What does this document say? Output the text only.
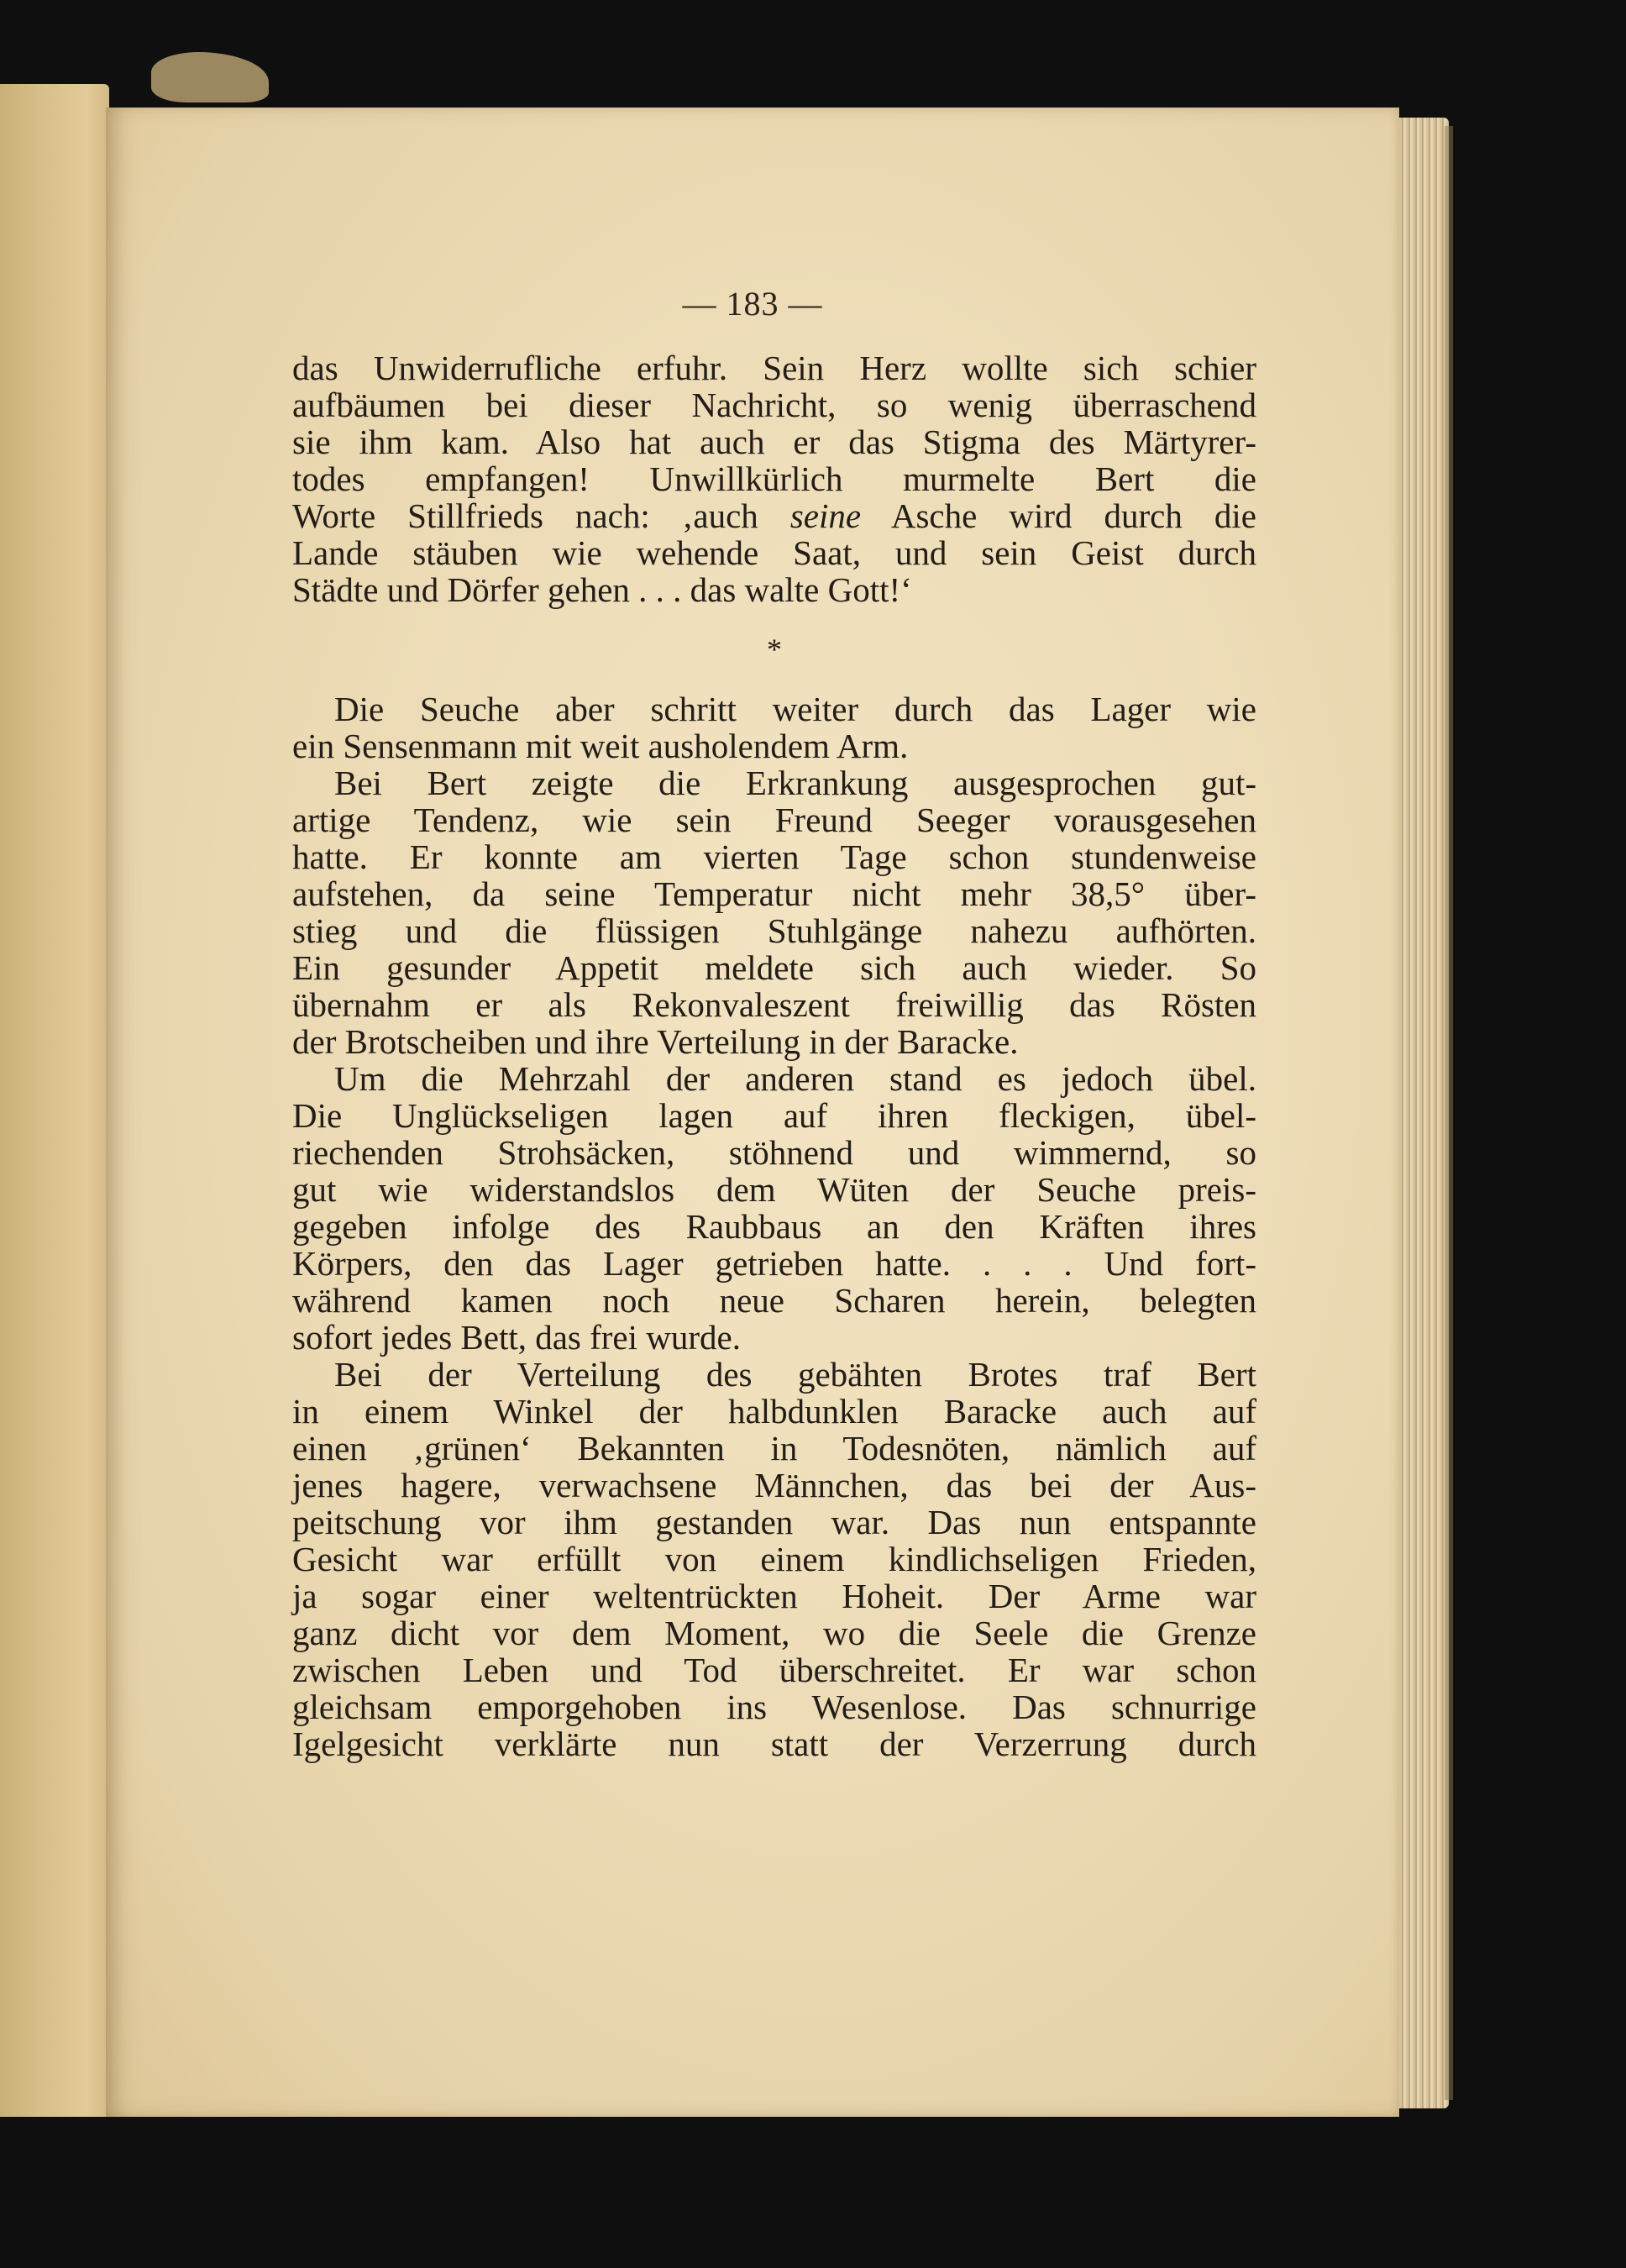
— 183 —
das Unwiderrufliche erfuhr. Sein Herz wollte sich schier
aufbäumen bei dieser Nachricht, so wenig überraschend
sie ihm kam. Also hat auch er das Stigma des Märtyrer-
todes empfangen! Unwillkürlich murmelte Bert die
Worte Stillfrieds nach: ‚auch seine Asche wird durch die
Lande stäuben wie wehende Saat, und sein Geist durch
Städte und Dörfer gehen . . . das walte Gott!‘
*
Die Seuche aber schritt weiter durch das Lager wie
ein Sensenmann mit weit ausholendem Arm.
Bei Bert zeigte die Erkrankung ausgesprochen gut-
artige Tendenz, wie sein Freund Seeger vorausgesehen
hatte. Er konnte am vierten Tage schon stundenweise
aufstehen, da seine Temperatur nicht mehr 38,5° über-
stieg und die flüssigen Stuhlgänge nahezu aufhörten.
Ein gesunder Appetit meldete sich auch wieder. So
übernahm er als Rekonvaleszent freiwillig das Rösten
der Brotscheiben und ihre Verteilung in der Baracke.
Um die Mehrzahl der anderen stand es jedoch übel.
Die Unglückseligen lagen auf ihren fleckigen, übel-
riechenden Strohsäcken, stöhnend und wimmernd, so
gut wie widerstandslos dem Wüten der Seuche preis-
gegeben infolge des Raubbaus an den Kräften ihres
Körpers, den das Lager getrieben hatte. . . . Und fort-
während kamen noch neue Scharen herein, belegten
sofort jedes Bett, das frei wurde.
Bei der Verteilung des gebähten Brotes traf Bert
in einem Winkel der halbdunklen Baracke auch auf
einen ‚grünen‘ Bekannten in Todesnöten, nämlich auf
jenes hagere, verwachsene Männchen, das bei der Aus-
peitschung vor ihm gestanden war. Das nun entspannte
Gesicht war erfüllt von einem kindlichseligen Frieden,
ja sogar einer weltentrückten Hoheit. Der Arme war
ganz dicht vor dem Moment, wo die Seele die Grenze
zwischen Leben und Tod überschreitet. Er war schon
gleichsam emporgehoben ins Wesenlose. Das schnurrige
Igelgesicht verklärte nun statt der Verzerrung durch
